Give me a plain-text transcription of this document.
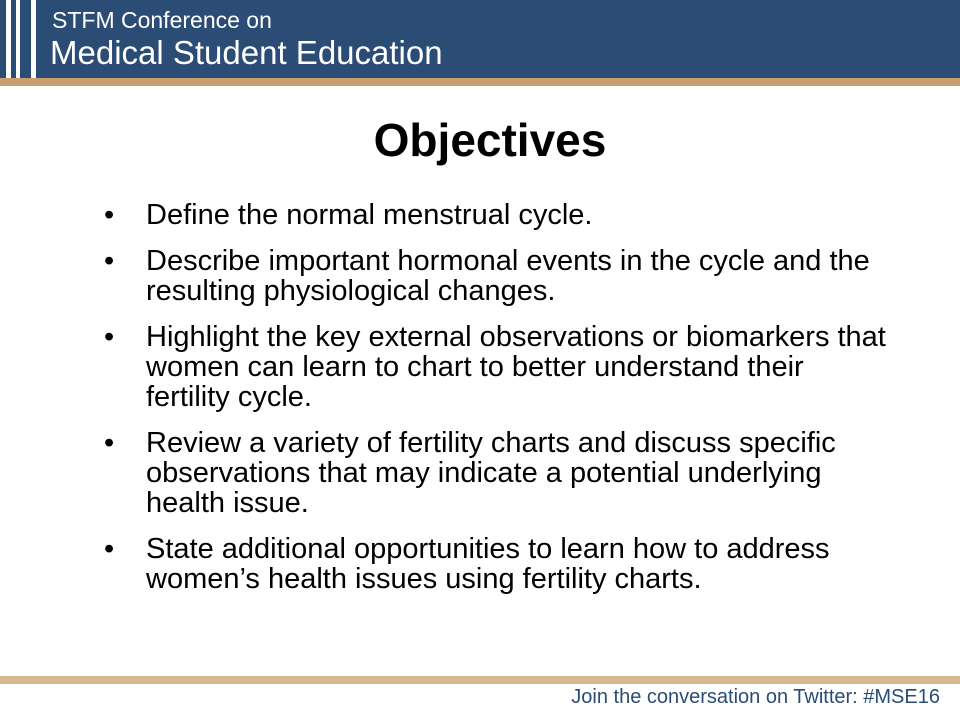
STFM Conference on
Medical Student Education
Objectives
• Define the normal menstrual cycle.
• Describe important hormonal events in the cycle and the resulting physiological changes.
• Highlight the key external observations or biomarkers that women can learn to chart to better understand their fertility cycle.
• Review a variety of fertility charts and discuss specific observations that may indicate a potential underlying health issue.
• State additional opportunities to learn how to address women’s health issues using fertility charts.
Join the conversation on Twitter: #MSE16
